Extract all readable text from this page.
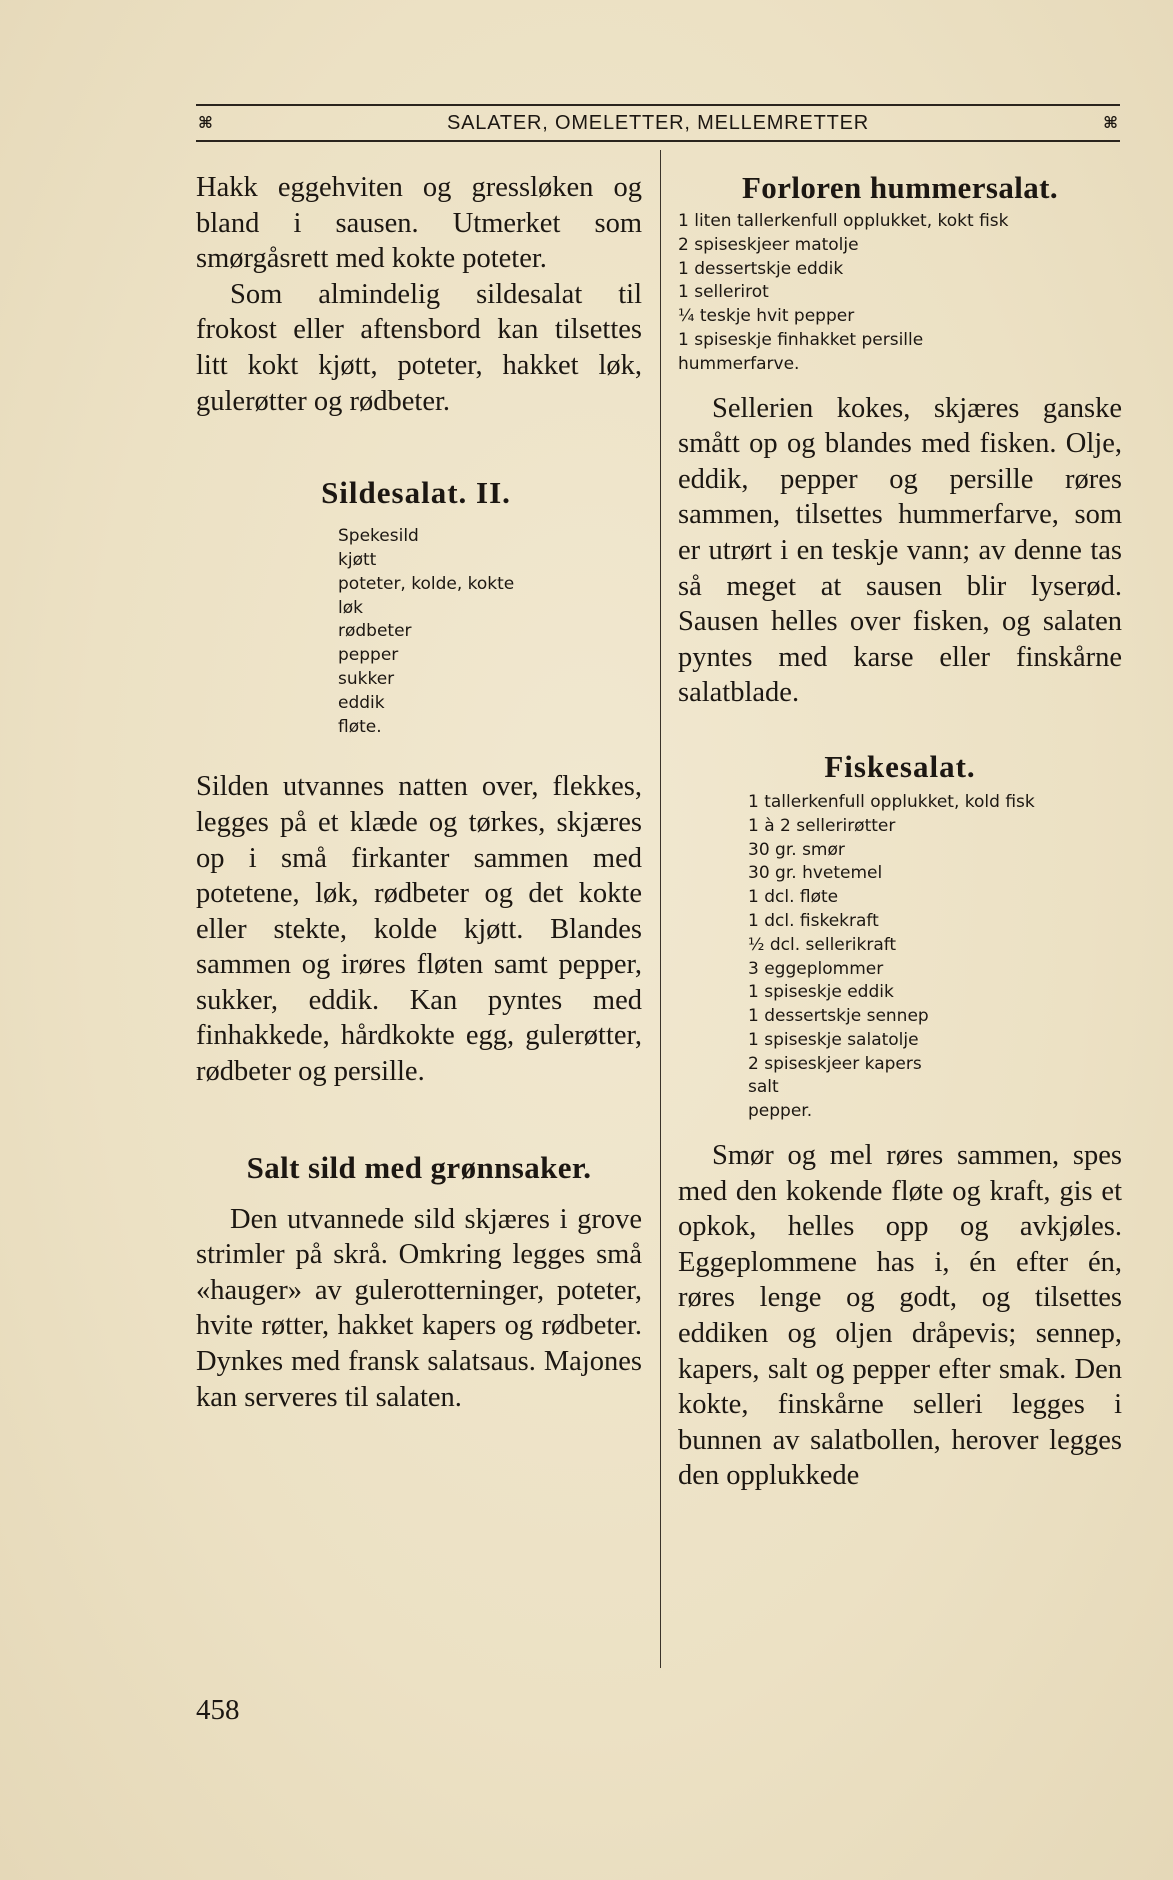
⌘	SALATER, OMELETTER, MELLEMRETTER	⌘

Hakk eggehviten og gressløken og bland i sausen. Utmerket som smørgåsrett med kokte poteter.

Som almindelig sildesalat til frokost eller aftensbord kan tilsettes litt kokt kjøtt, poteter, hakket løk, gulerøtter og rødbeter.

Sildesalat. II.
Spekesild
kjøtt
poteter, kolde, kokte
løk
rødbeter
pepper
sukker
eddik
fløte.

Silden utvannes natten over, flekkes, legges på et klæde og tørkes, skjæres op i små firkanter sammen med potetene, løk, rødbeter og det kokte eller stekte, kolde kjøtt. Blandes sammen og irøres fløten samt pepper, sukker, eddik. Kan pyntes med finhakkede, hårdkokte egg, gulerøtter, rødbeter og persille.

Salt sild med grønnsaker.

Den utvannede sild skjæres i grove strimler på skrå. Omkring legges små «hauger» av gulerotterninger, poteter, hvite røtter, hakket kapers og rødbeter. Dynkes med fransk salatsaus. Majones kan serveres til salaten.

Forloren hummersalat.
1 liten tallerkenfull opplukket, kokt fisk
2 spiseskjeer matolje
1 dessertskje eddik
1 sellerirot
¼ teskje hvit pepper
1 spiseskje finhakket persille
hummerfarve.

Sellerien kokes, skjæres ganske smått op og blandes med fisken. Olje, eddik, pepper og persille røres sammen, tilsettes hummerfarve, som er utrørt i en teskje vann; av denne tas så meget at sausen blir lyserød. Sausen helles over fisken, og salaten pyntes med karse eller finskårne salatblade.

Fiskesalat.
1 tallerkenfull opplukket, kold fisk
1 à 2 sellerirøtter
30 gr. smør
30 gr. hvetemel
1 dcl. fløte
1 dcl. fiskekraft
½ dcl. sellerikraft
3 eggeplommer
1 spiseskje eddik
1 dessertskje sennep
1 spiseskje salatolje
2 spiseskjeer kapers
salt
pepper.

Smør og mel røres sammen, spes med den kokende fløte og kraft, gis et opkok, helles opp og avkjøles. Eggeplommene has i, én efter én, røres lenge og godt, og tilsettes eddiken og oljen dråpevis; sennep, kapers, salt og pepper efter smak. Den kokte, finskårne selleri legges i bunnen av salatbollen, herover legges den opplukkede

458
